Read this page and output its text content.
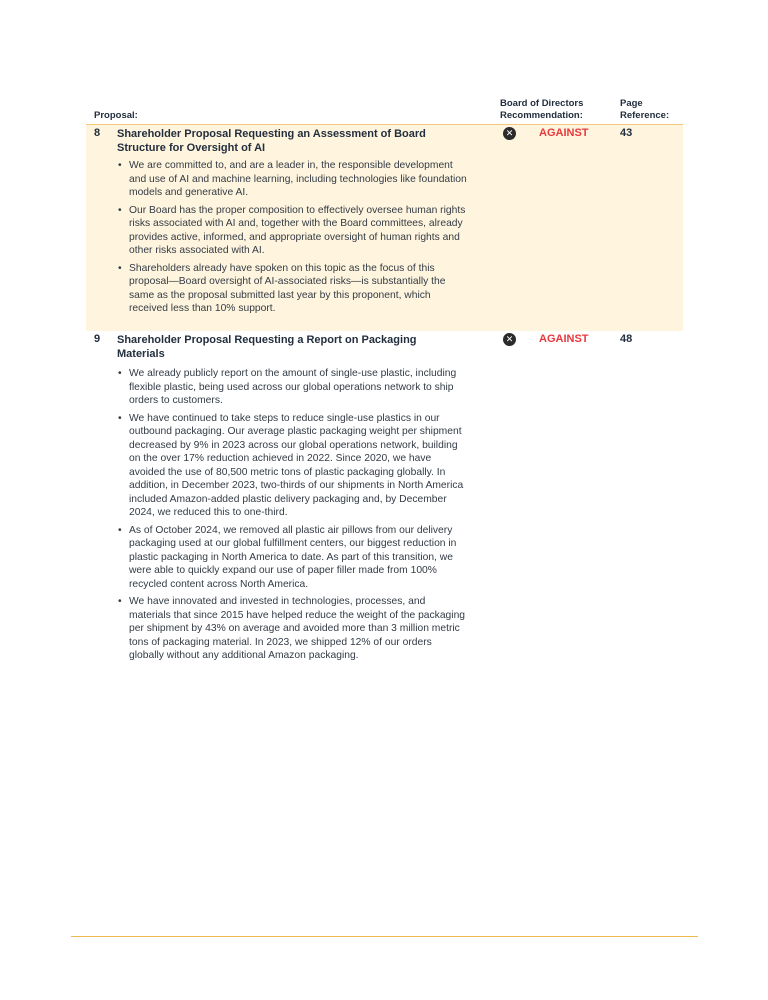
Proposal:
Board of Directors
Recommendation:
Page
Reference:
8 Shareholder Proposal Requesting an Assessment of Board Structure for Oversight of AI
• We are committed to, and are a leader in, the responsible development and use of AI and machine learning, including technologies like foundation models and generative AI.
• Our Board has the proper composition to effectively oversee human rights risks associated with AI and, together with the Board committees, already provides active, informed, and appropriate oversight of human rights and other risks associated with AI.
• Shareholders already have spoken on this topic as the focus of this proposal—Board oversight of AI-associated risks—is substantially the same as the proposal submitted last year by this proponent, which received less than 10% support.
✕ AGAINST	43
9 Shareholder Proposal Requesting a Report on Packaging Materials
• We already publicly report on the amount of single-use plastic, including flexible plastic, being used across our global operations network to ship orders to customers.
• We have continued to take steps to reduce single-use plastics in our outbound packaging. Our average plastic packaging weight per shipment decreased by 9% in 2023 across our global operations network, building on the over 17% reduction achieved in 2022. Since 2020, we have avoided the use of 80,500 metric tons of plastic packaging globally. In addition, in December 2023, two-thirds of our shipments in North America included Amazon-added plastic delivery packaging and, by December 2024, we reduced this to one-third.
• As of October 2024, we removed all plastic air pillows from our delivery packaging used at our global fulfillment centers, our biggest reduction in plastic packaging in North America to date. As part of this transition, we were able to quickly expand our use of paper filler made from 100% recycled content across North America.
• We have innovated and invested in technologies, processes, and materials that since 2015 have helped reduce the weight of the packaging per shipment by 43% on average and avoided more than 3 million metric tons of packaging material. In 2023, we shipped 12% of our orders globally without any additional Amazon packaging.
✕ AGAINST	48
